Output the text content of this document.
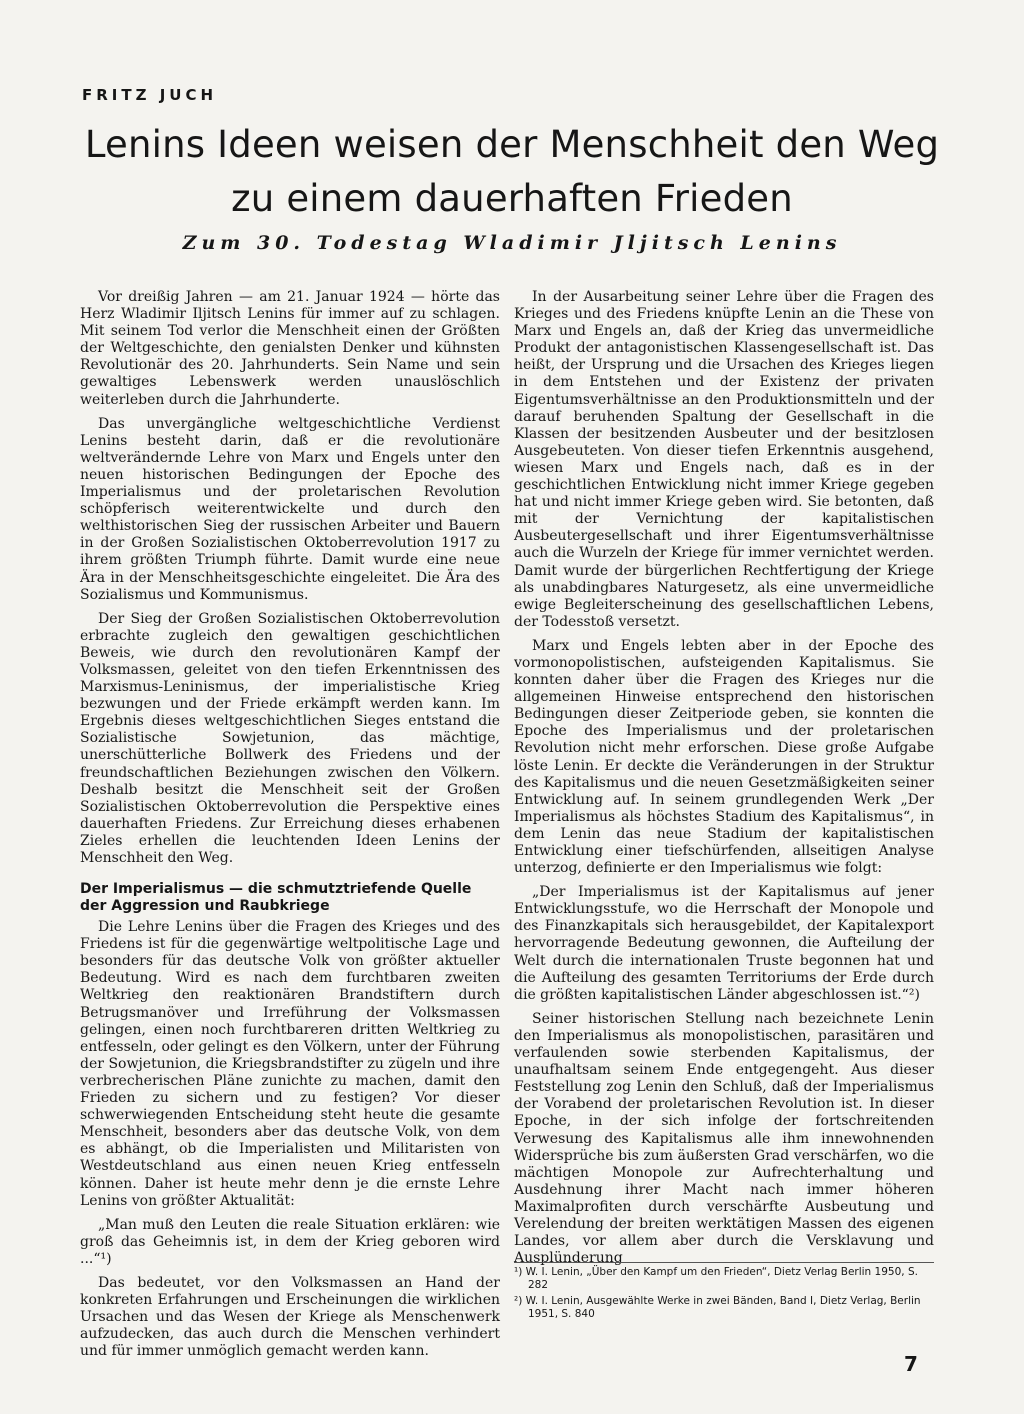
FRITZ JUCH
Lenins Ideen weisen der Menschheit den Weg
zu einem dauerhaften Frieden
Zum 30. Todestag Wladimir Jljitsch Lenins

Vor dreißig Jahren — am 21. Januar 1924 — hörte das Herz Wladimir Iljitsch Lenins für immer auf zu schlagen. Mit seinem Tod verlor die Menschheit einen der Größten der Weltgeschichte, den genialsten Denker und kühnsten Revolutionär des 20. Jahrhunderts. Sein Name und sein gewaltiges Lebenswerk werden unauslöschlich weiterleben durch die Jahrhunderte.

Das unvergängliche weltgeschichtliche Verdienst Lenins besteht darin, daß er die revolutionäre weltverändernde Lehre von Marx und Engels unter den neuen historischen Bedingungen der Epoche des Imperialismus und der proletarischen Revolution schöpferisch weiterentwickelte und durch den welthistorischen Sieg der russischen Arbeiter und Bauern in der Großen Sozialistischen Oktoberrevolution 1917 zu ihrem größten Triumph führte. Damit wurde eine neue Ära in der Menschheitsgeschichte eingeleitet. Die Ära des Sozialismus und Kommunismus.

Der Sieg der Großen Sozialistischen Oktoberrevolution erbrachte zugleich den gewaltigen geschichtlichen Beweis, wie durch den revolutionären Kampf der Volksmassen, geleitet von den tiefen Erkenntnissen des Marxismus-Leninismus, der imperialistische Krieg bezwungen und der Friede erkämpft werden kann. Im Ergebnis dieses weltgeschichtlichen Sieges entstand die Sozialistische Sowjetunion, das mächtige, unerschütterliche Bollwerk des Friedens und der freundschaftlichen Beziehungen zwischen den Völkern. Deshalb besitzt die Menschheit seit der Großen Sozialistischen Oktoberrevolution die Perspektive eines dauerhaften Friedens. Zur Erreichung dieses erhabenen Zieles erhellen die leuchtenden Ideen Lenins der Menschheit den Weg.

Der Imperialismus — die schmutztriefende Quelle der Aggression und Raubkriege

Die Lehre Lenins über die Fragen des Krieges und des Friedens ist für die gegenwärtige weltpolitische Lage und besonders für das deutsche Volk von größter aktueller Bedeutung. Wird es nach dem furchtbaren zweiten Weltkrieg den reaktionären Brandstiftern durch Betrugsmanöver und Irreführung der Volksmassen gelingen, einen noch furchtbareren dritten Weltkrieg zu entfesseln, oder gelingt es den Völkern, unter der Führung der Sowjetunion, die Kriegsbrandstifter zu zügeln und ihre verbrecherischen Pläne zunichte zu machen, damit den Frieden zu sichern und zu festigen? Vor dieser schwerwiegenden Entscheidung steht heute die gesamte Menschheit, besonders aber das deutsche Volk, von dem es abhängt, ob die Imperialisten und Militaristen von Westdeutschland aus einen neuen Krieg entfesseln können. Daher ist heute mehr denn je die ernste Lehre Lenins von größter Aktualität:

„Man muß den Leuten die reale Situation erklären: wie groß das Geheimnis ist, in dem der Krieg geboren wird ...“¹)

Das bedeutet, vor den Volksmassen an Hand der konkreten Erfahrungen und Erscheinungen die wirklichen Ursachen und das Wesen der Kriege als Menschenwerk aufzudecken, das auch durch die Menschen verhindert und für immer unmöglich gemacht werden kann.

In der Ausarbeitung seiner Lehre über die Fragen des Krieges und des Friedens knüpfte Lenin an die These von Marx und Engels an, daß der Krieg das unvermeidliche Produkt der antagonistischen Klassengesellschaft ist. Das heißt, der Ursprung und die Ursachen des Krieges liegen in dem Entstehen und der Existenz der privaten Eigentumsverhältnisse an den Produktionsmitteln und der darauf beruhenden Spaltung der Gesellschaft in die Klassen der besitzenden Ausbeuter und der besitzlosen Ausgebeuteten. Von dieser tiefen Erkenntnis ausgehend, wiesen Marx und Engels nach, daß es in der geschichtlichen Entwicklung nicht immer Kriege gegeben hat und nicht immer Kriege geben wird. Sie betonten, daß mit der Vernichtung der kapitalistischen Ausbeutergesellschaft und ihrer Eigentumsverhältnisse auch die Wurzeln der Kriege für immer vernichtet werden. Damit wurde der bürgerlichen Rechtfertigung der Kriege als unabdingbares Naturgesetz, als eine unvermeidliche ewige Begleiterscheinung des gesellschaftlichen Lebens, der Todesstoß versetzt.

Marx und Engels lebten aber in der Epoche des vormonopolistischen, aufsteigenden Kapitalismus. Sie konnten daher über die Fragen des Krieges nur die allgemeinen Hinweise entsprechend den historischen Bedingungen dieser Zeitperiode geben, sie konnten die Epoche des Imperialismus und der proletarischen Revolution nicht mehr erforschen. Diese große Aufgabe löste Lenin. Er deckte die Veränderungen in der Struktur des Kapitalismus und die neuen Gesetzmäßigkeiten seiner Entwicklung auf. In seinem grundlegenden Werk „Der Imperialismus als höchstes Stadium des Kapitalismus“, in dem Lenin das neue Stadium der kapitalistischen Entwicklung einer tiefschürfenden, allseitigen Analyse unterzog, definierte er den Imperialismus wie folgt:

„Der Imperialismus ist der Kapitalismus auf jener Entwicklungsstufe, wo die Herrschaft der Monopole und des Finanzkapitals sich herausgebildet, der Kapitalexport hervorragende Bedeutung gewonnen, die Aufteilung der Welt durch die internationalen Truste begonnen hat und die Aufteilung des gesamten Territoriums der Erde durch die größten kapitalistischen Länder abgeschlossen ist.“²)

Seiner historischen Stellung nach bezeichnete Lenin den Imperialismus als monopolistischen, parasitären und verfaulenden sowie sterbenden Kapitalismus, der unaufhaltsam seinem Ende entgegengeht. Aus dieser Feststellung zog Lenin den Schluß, daß der Imperialismus der Vorabend der proletarischen Revolution ist. In dieser Epoche, in der sich infolge der fortschreitenden Verwesung des Kapitalismus alle ihm innewohnenden Widersprüche bis zum äußersten Grad verschärfen, wo die mächtigen Monopole zur Aufrechterhaltung und Ausdehnung ihrer Macht nach immer höheren Maximalprofiten durch verschärfte Ausbeutung und Verelendung der breiten werktätigen Massen des eigenen Landes, vor allem aber durch die Versklavung und Ausplünderung

¹) W. I. Lenin, „Über den Kampf um den Frieden“, Dietz Verlag Berlin 1950, S. 282
²) W. I. Lenin, Ausgewählte Werke in zwei Bänden, Band I, Dietz Verlag, Berlin 1951, S. 840
7
